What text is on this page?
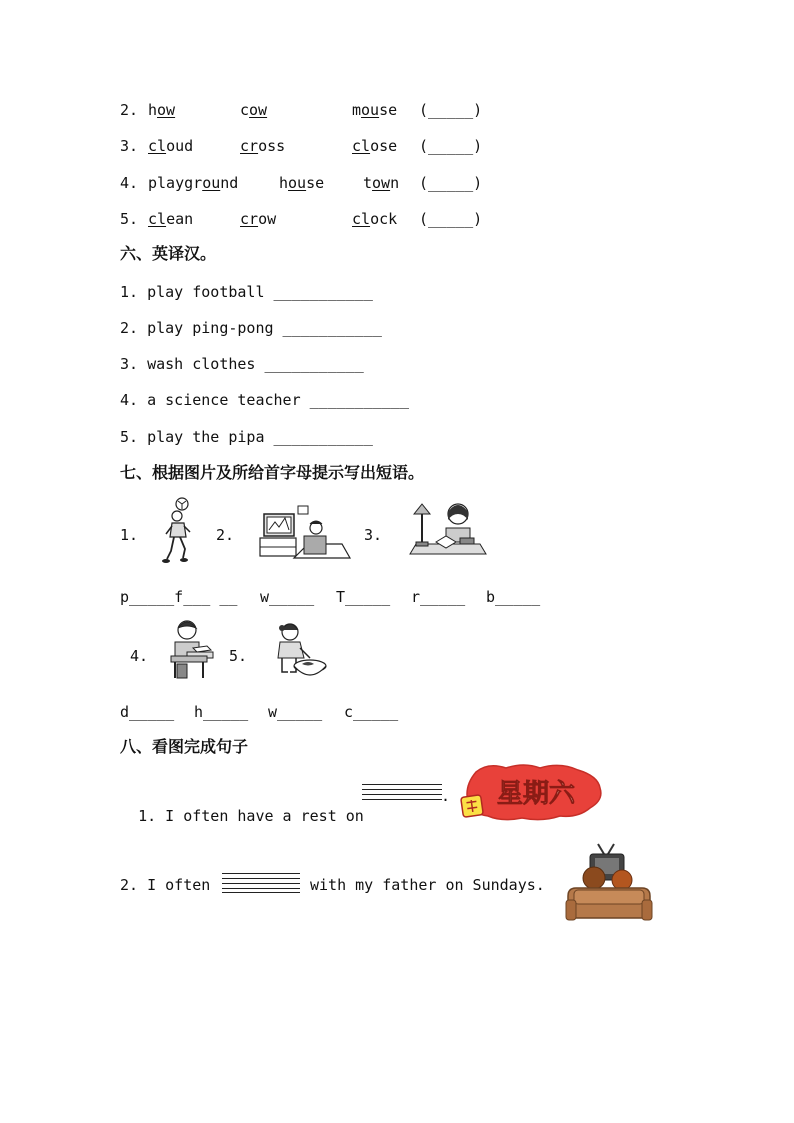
2. how	cow	mouse (_____)
3. cloud	cross	close (_____)
4. playground	house	town (_____)
5. clean	crow	clock (_____)
六、英译汉。
1. play football ___________
2. play ping-pong ___________
3. wash clothes ___________
4. a science teacher ___________
5. play the pipa ___________
七、根据图片及所给首字母提示写出短语。
1.	2.	3.
p_____f___ __ w_____ T_____ r_____ b_____
4.	5.
d_____ h_____ w_____ c_____
八、看图完成句子

1. I often have a rest on

. 星期六
2. I often	with my father on Sundays.
